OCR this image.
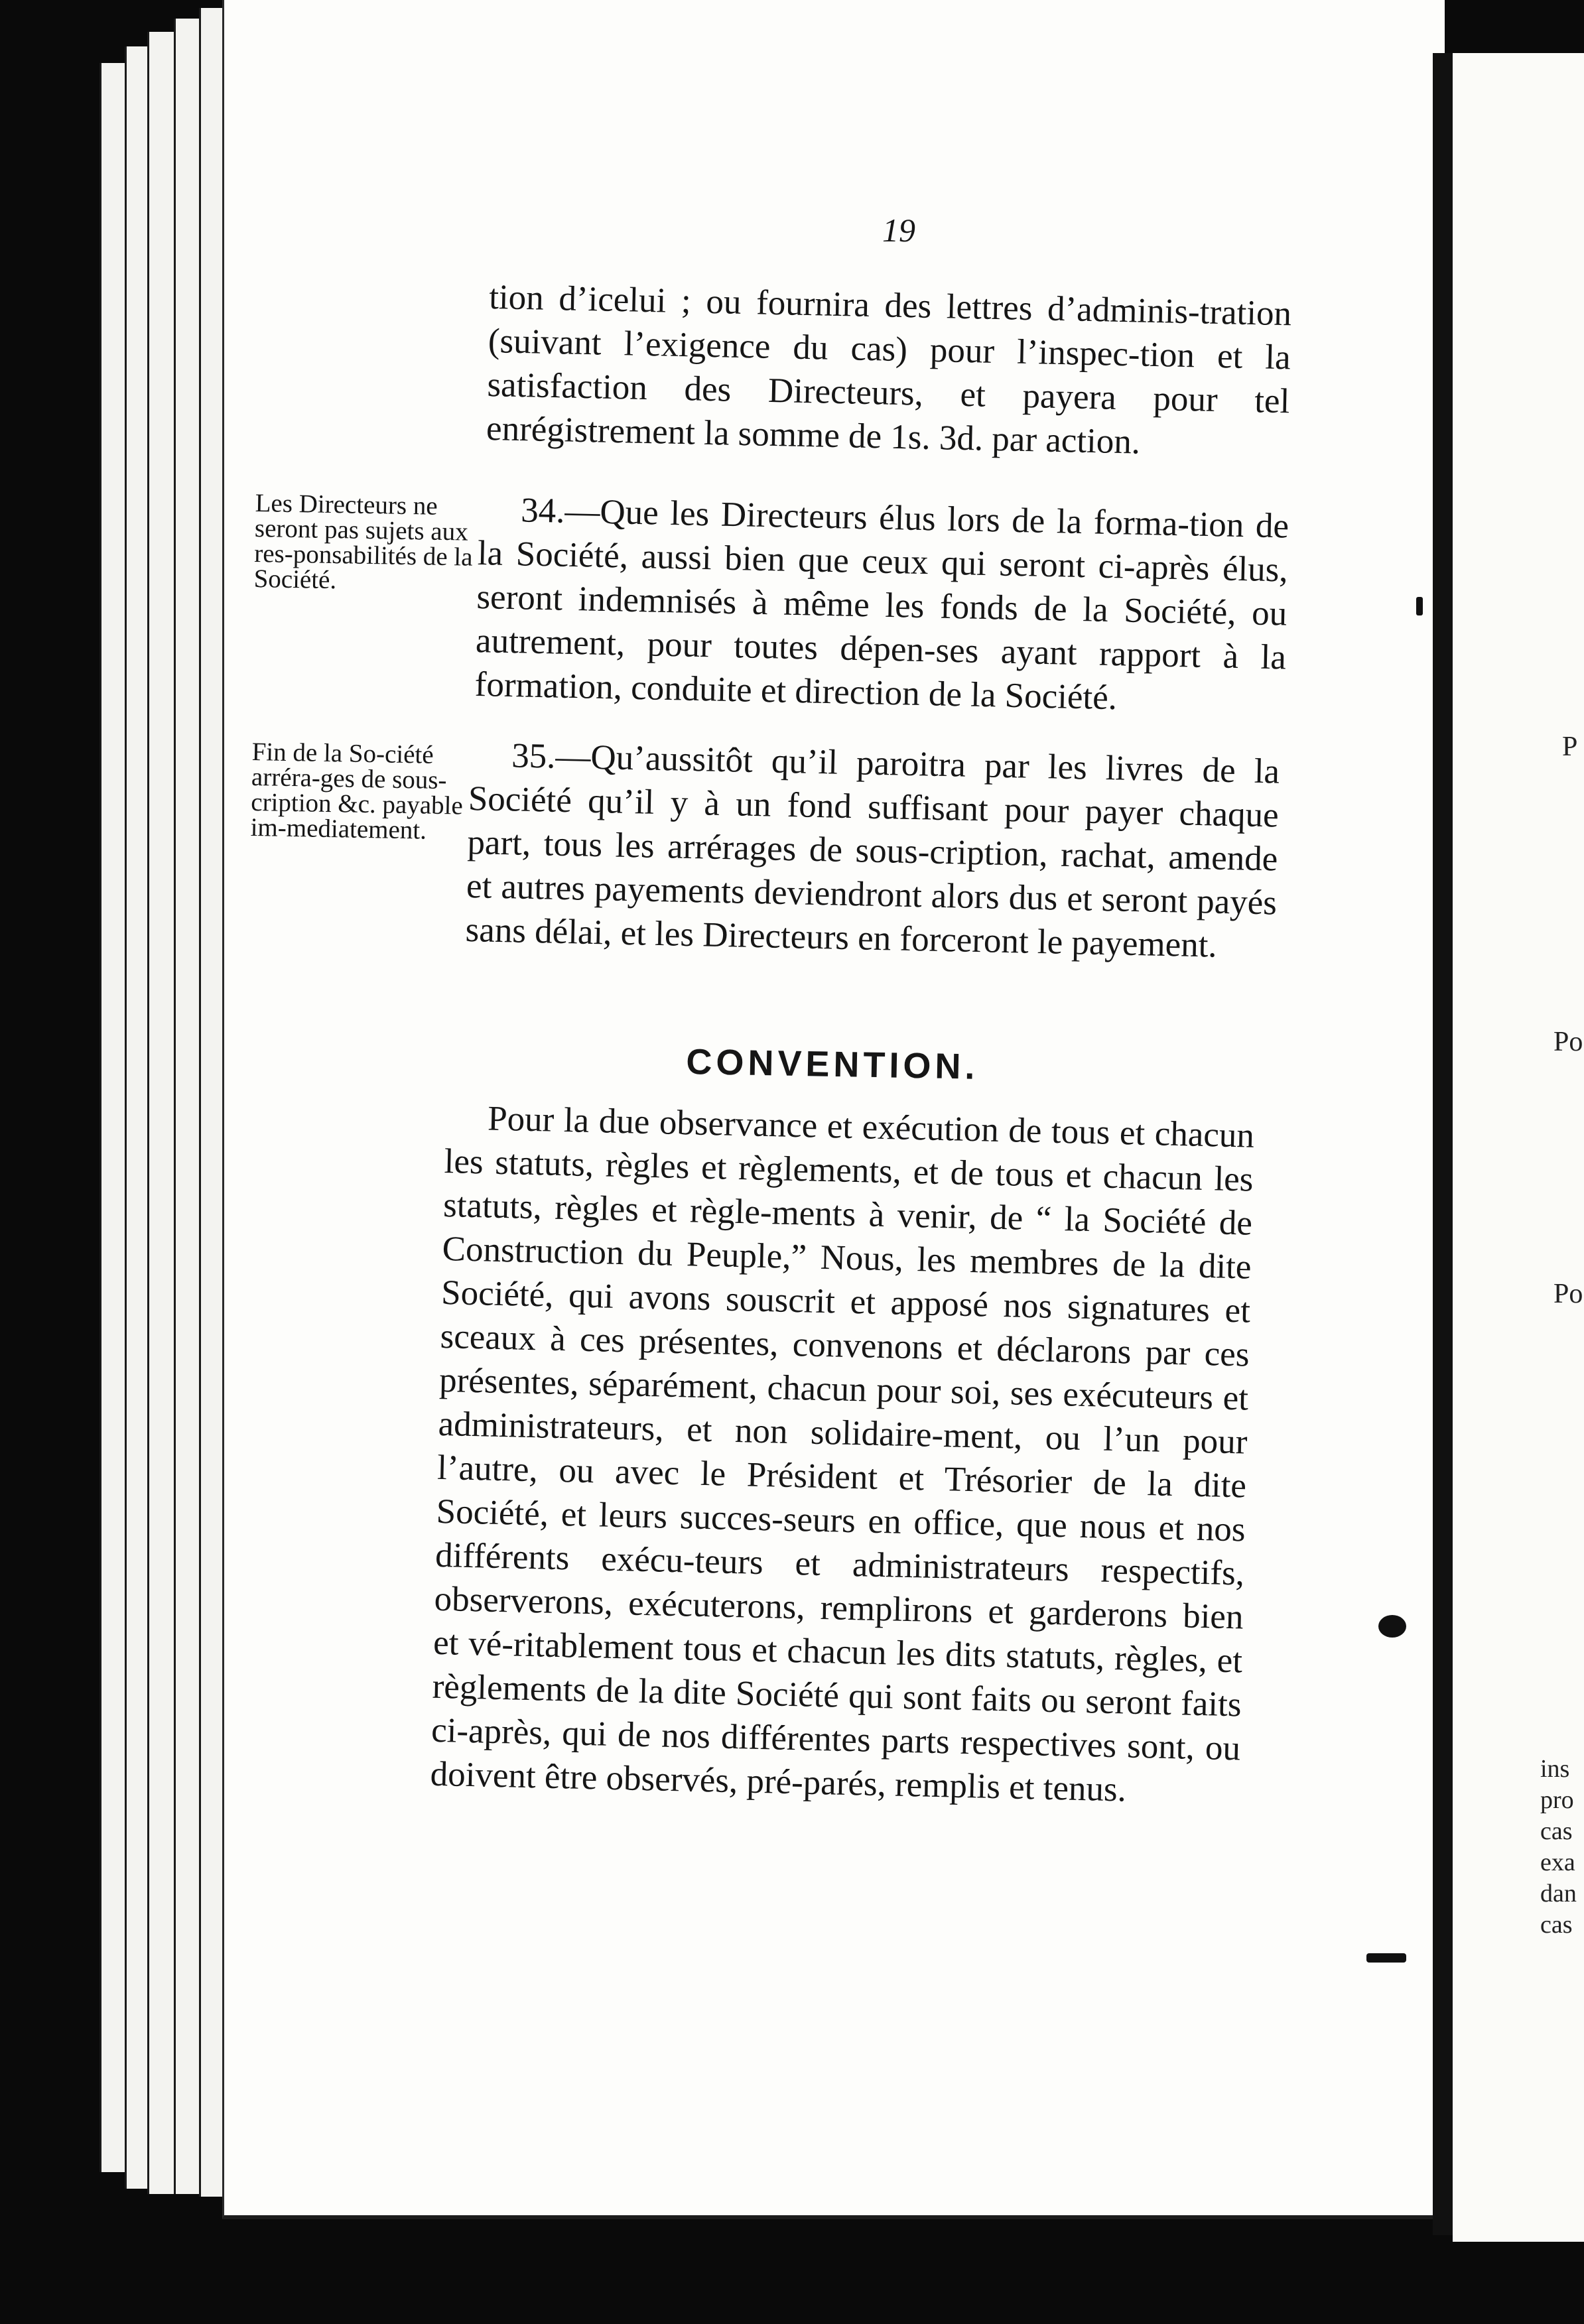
19

tion d’icelui ; ou fournira des lettres d’adminis-tration (suivant l’exigence du cas) pour l’inspec-tion et la satisfaction des Directeurs, et payera pour tel enrégistrement la somme de 1s. 3d. par action.

Les Directeurs ne seront pas sujets aux res-ponsabilités de la Société.

34.—Que les Directeurs élus lors de la forma-tion de la Société, aussi bien que ceux qui seront ci-après élus, seront indemnisés à même les fonds de la Société, ou autrement, pour toutes dépen-ses ayant rapport à la formation, conduite et direction de la Société.

Fin de la So-ciété arréra-ges de sous-cription &c. payable im-mediatement.

35.—Qu’aussitôt qu’il paroitra par les livres de la Société qu’il y à un fond suffisant pour payer chaque part, tous les arrérages de sous-cription, rachat, amende et autres payements deviendront alors dus et seront payés sans délai, et les Directeurs en forceront le payement.

CONVENTION.

Pour la due observance et exécution de tous et chacun les statuts, règles et règlements, et de tous et chacun les statuts, règles et règle-ments à venir, de “ la Société de Construction du Peuple,” Nous, les membres de la dite Société, qui avons souscrit et apposé nos signatures et sceaux à ces présentes, convenons et déclarons par ces présentes, séparément, chacun pour soi, ses exécuteurs et administrateurs, et non solidaire-ment, ou l’un pour l’autre, ou avec le Président et Trésorier de la dite Société, et leurs succes-seurs en office, que nous et nos différents exécu-teurs et administrateurs respectifs, observerons, exécuterons, remplirons et garderons bien et vé-ritablement tous et chacun les dits statuts, règles, et règlements de la dite Société qui sont faits ou seront faits ci-après, qui de nos différentes parts respectives sont, ou doivent être observés, pré-parés, remplis et tenus.

P
Po
Po
ins
pro
cas
exa
dan
cas
